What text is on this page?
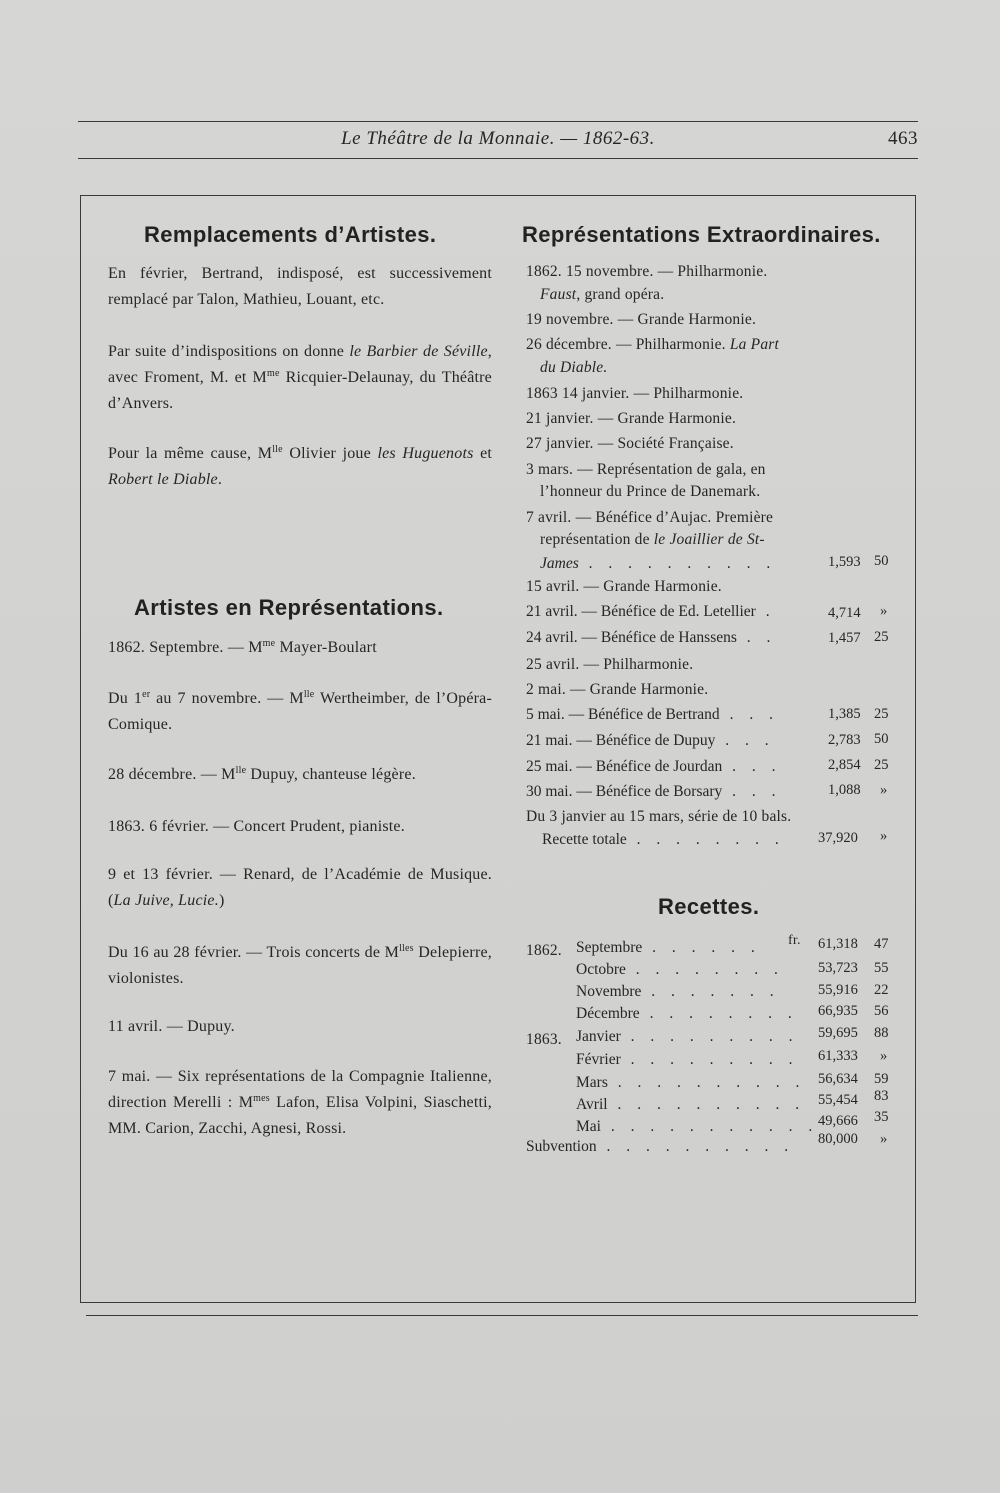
Le Théâtre de la Monnaie. — 1862-63.	463
Remplacements d’Artistes.
En février, Bertrand, indisposé, est successivement remplacé par Talon, Mathieu, Louant, etc.
Par suite d’indispositions on donne le Barbier de Séville, avec Froment, M. et $M^{me}$ Ricquier-Delaunay, du Théâtre d’Anvers.
Pour la même cause, $M^{lle}$ Olivier joue les Huguenots et Robert le Diable.
Artistes en Représentations.
1862. Septembre. — $M^{me}$ Mayer-Boulart
Du 1er au 7 novembre. — $M^{lle}$ Wertheimber, de l’Opéra-Comique.
28 décembre. — $M^{lle}$ Dupuy, chanteuse légère.
1863. 6 février. — Concert Prudent, pianiste.
9 et 13 février. — Renard, de l’Académie de Musique. (La Juive, Lucie.)
Du 16 au 28 février. — Trois concerts de $M^{lles}$ Delepierre, violonistes.
11 avril. — Dupuy.
7 mai. — Six représentations de la Compagnie Italienne, direction Merelli : $M^{mes}$ Lafon, Elisa Volpini, Siaschetti, MM. Carion, Zacchi, Agnesi, Rossi.
Représentations Extraordinaires.
1862. 15 novembre. — Philharmonie.
Faust, grand opéra.
19 novembre. — Grande Harmonie.
26 décembre. — Philharmonie. La Part
du Diable.
1863 14 janvier. — Philharmonie.
21 janvier. — Grande Harmonie.
27 janvier. — Société Française.
3 mars. — Représentation de gala, en
l’honneur du Prince de Danemark.
7 avril. — Bénéfice d’Aujac. Première
représentation de le Joaillier de St-
James . . . . . . . . . .	1,593 50
15 avril. — Grande Harmonie.
21 avril. — Bénéfice de Ed. Letellier .	4,714 »
24 avril. — Bénéfice de Hanssens . .	1,457 25
25 avril. — Philharmonie.
2 mai. — Grande Harmonie.
5 mai. — Bénéfice de Bertrand . . .	1,385 25
21 mai. — Bénéfice de Dupuy . . .	2,783 50
25 mai. — Bénéfice de Jourdan . . .	2,854 25
30 mai. — Bénéfice de Borsary . . .	1,088 »
Du 3 janvier au 15 mars, série de 10 bals.
Recette totale . . . . . . . . 37,920 »
Recettes.
1862.
1863.
fr.
Septembre . . . . . .	61,318 47
Octobre . . . . . . . . 53,723 55
Novembre . . . . . . .	55,916 22
Décembre . . . . . . . . 66,935 56
Janvier . . . . . . . . . 59,695 88
Février . . . . . . . . . 61,333 »
Mars . . . . . . . . . . 56,634 59
Avril . . . . . . . . . . 55,454 83
Mai . . . . . . . . . . . 49,666 35
Subvention . . . . . . . . . . 80,000 »
